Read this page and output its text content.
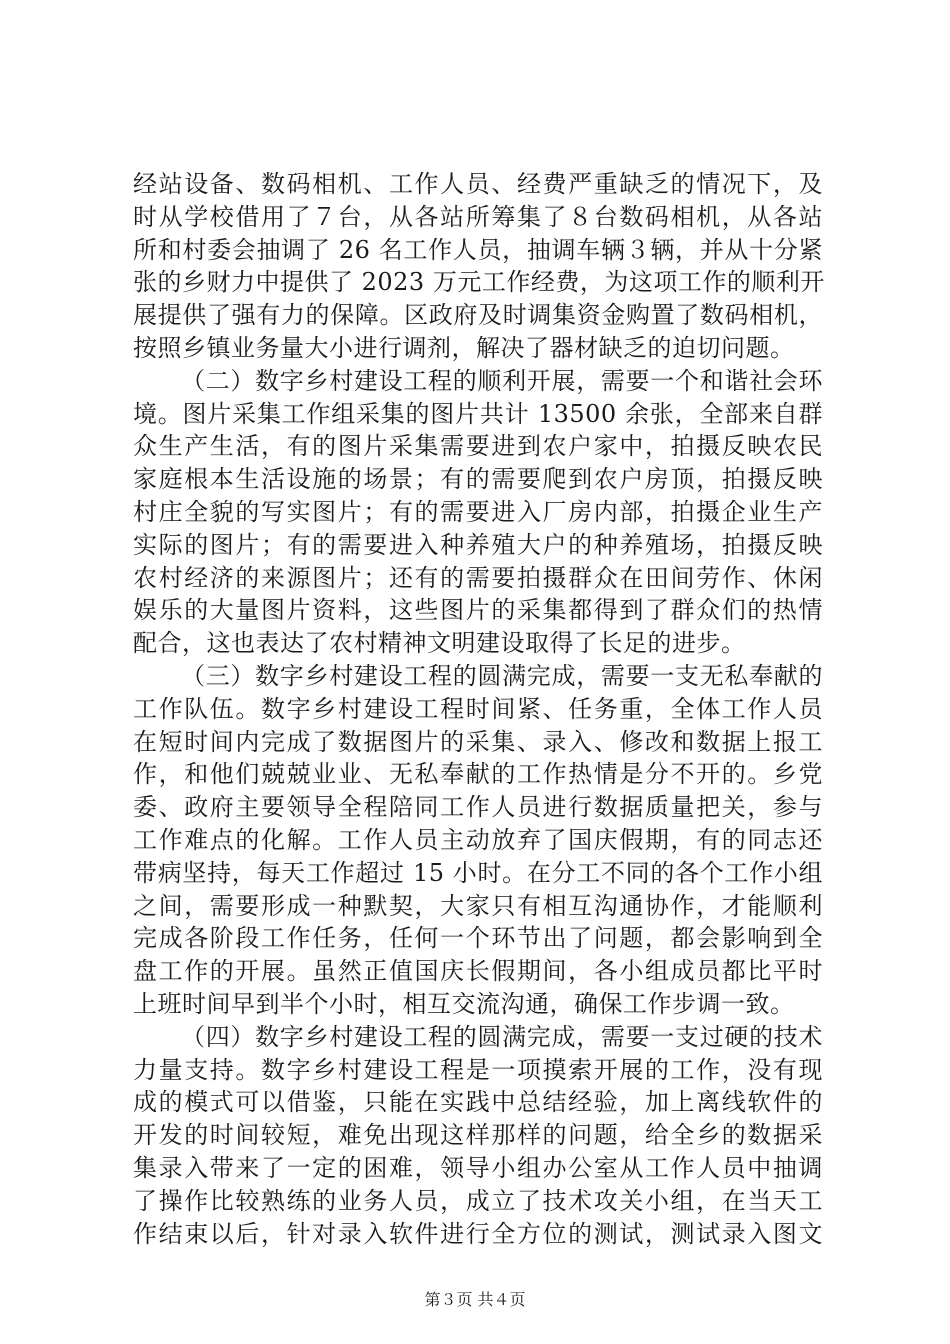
经站设备、数码相机、工作人员、经费严重缺乏的情况下，及
时从学校借用了７台，从各站所筹集了８台数码相机，从各站
所和村委会抽调了 26 名工作人员，抽调车辆３辆，并从十分紧
张的乡财力中提供了 2023 万元工作经费，为这项工作的顺利开
展提供了强有力的保障。区政府及时调集资金购置了数码相机，
按照乡镇业务量大小进行调剂，解决了器材缺乏的迫切问题。
（二）数字乡村建设工程的顺利开展，需要一个和谐社会环
境。图片采集工作组采集的图片共计 13500 余张，全部来自群
众生产生活，有的图片采集需要进到农户家中，拍摄反映农民
家庭根本生活设施的场景；有的需要爬到农户房顶，拍摄反映
村庄全貌的写实图片；有的需要进入厂房内部，拍摄企业生产
实际的图片；有的需要进入种养殖大户的种养殖场，拍摄反映
农村经济的来源图片；还有的需要拍摄群众在田间劳作、休闲
娱乐的大量图片资料，这些图片的采集都得到了群众们的热情
配合，这也表达了农村精神文明建设取得了长足的进步。
（三）数字乡村建设工程的圆满完成，需要一支无私奉献的
工作队伍。数字乡村建设工程时间紧、任务重，全体工作人员
在短时间内完成了数据图片的采集、录入、修改和数据上报工
作，和他们兢兢业业、无私奉献的工作热情是分不开的。乡党
委、政府主要领导全程陪同工作人员进行数据质量把关，参与
工作难点的化解。工作人员主动放弃了国庆假期，有的同志还
带病坚持，每天工作超过 15 小时。在分工不同的各个工作小组
之间，需要形成一种默契，大家只有相互沟通协作，才能顺利
完成各阶段工作任务，任何一个环节出了问题，都会影响到全
盘工作的开展。虽然正值国庆长假期间，各小组成员都比平时
上班时间早到半个小时，相互交流沟通，确保工作步调一致。
（四）数字乡村建设工程的圆满完成，需要一支过硬的技术
力量支持。数字乡村建设工程是一项摸索开展的工作，没有现
成的模式可以借鉴，只能在实践中总结经验，加上离线软件的
开发的时间较短，难免出现这样那样的问题，给全乡的数据采
集录入带来了一定的困难，领导小组办公室从工作人员中抽调
了操作比较熟练的业务人员，成立了技术攻关小组，在当天工
作结束以后，针对录入软件进行全方位的测试，测试录入图文
第３页 共４页
